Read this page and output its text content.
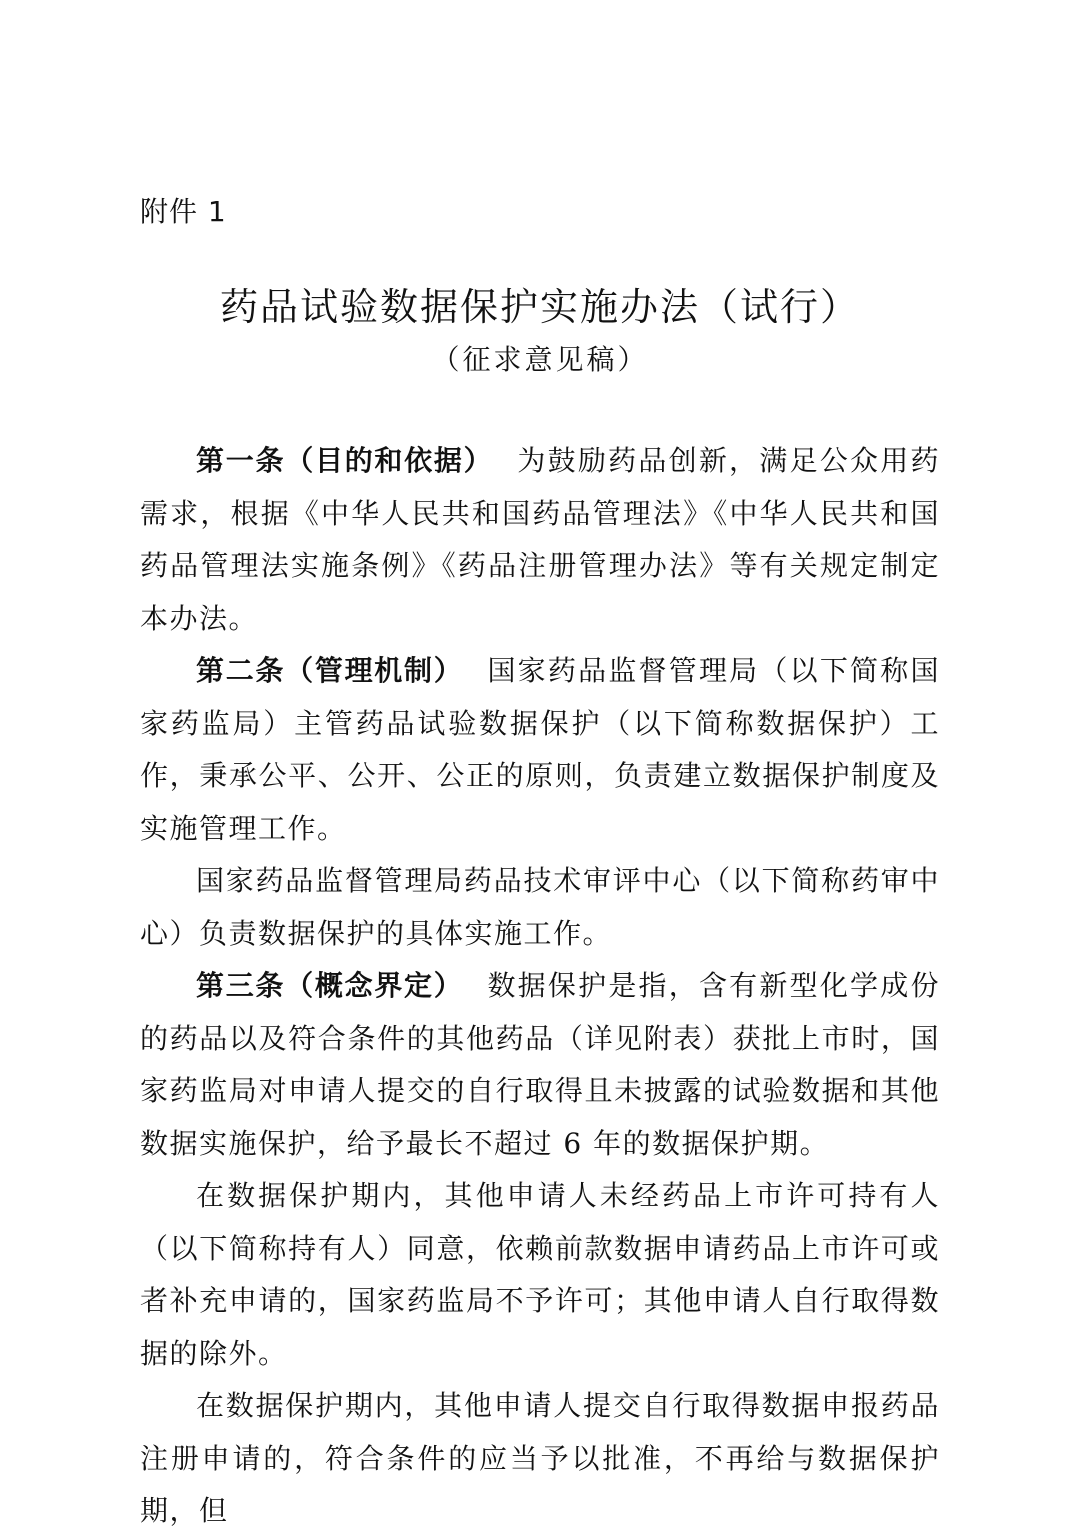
附件 1
药品试验数据保护实施办法（试行）
（征求意见稿）

第一条（目的和依据） 为鼓励药品创新，满足公众用药需求，根据《中华人民共和国药品管理法》《中华人民共和国药品管理法实施条例》《药品注册管理办法》等有关规定制定本办法。

第二条（管理机制） 国家药品监督管理局（以下简称国家药监局）主管药品试验数据保护（以下简称数据保护）工作，秉承公平、公开、公正的原则，负责建立数据保护制度及实施管理工作。

国家药品监督管理局药品技术审评中心（以下简称药审中心）负责数据保护的具体实施工作。

第三条（概念界定） 数据保护是指，含有新型化学成份的药品以及符合条件的其他药品（详见附表）获批上市时，国家药监局对申请人提交的自行取得且未披露的试验数据和其他数据实施保护，给予最长不超过 6 年的数据保护期。

在数据保护期内，其他申请人未经药品上市许可持有人（以下简称持有人）同意，依赖前款数据申请药品上市许可或者补充申请的，国家药监局不予许可；其他申请人自行取得数据的除外。

在数据保护期内，其他申请人提交自行取得数据申报药品注册申请的，符合条件的应当予以批准，不再给与数据保护期，但
